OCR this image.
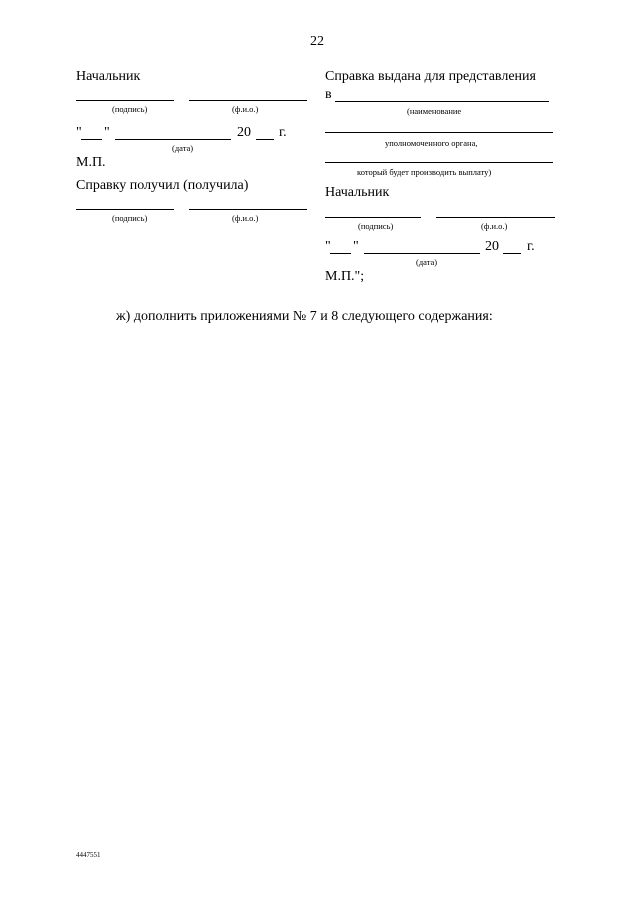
22
Начальник
(подпись)	(ф.и.о.)
" "	20 г.
(дата)
М.П.
Справку получил (получила)
(подпись)	(ф.и.о.)
Справка выдана для представления
в
(наименование
уполномоченного органа,
который будет производить выплату)
Начальник
(подпись)	(ф.и.о.)
" "	20 г.
(дата)
М.П.";
ж) дополнить приложениями № 7 и 8 следующего содержания:
4447551
